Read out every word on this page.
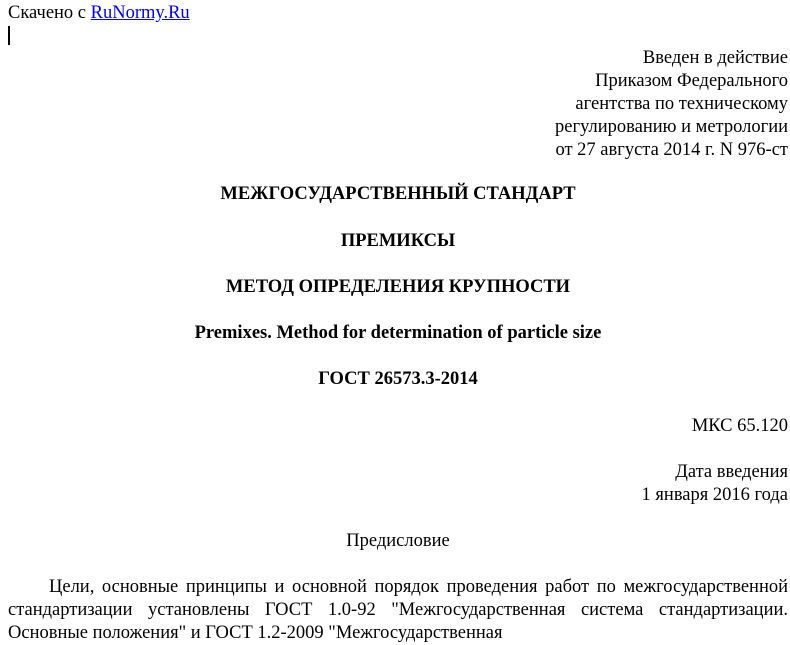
Скачено с RuNormy.Ru

Введен в действие
Приказом Федерального
агентства по техническому
регулированию и метрологии
от 27 августа 2014 г. N 976-ст
МЕЖГОСУДАРСТВЕННЫЙ СТАНДАРТ
ПРЕМИКСЫ
МЕТОД ОПРЕДЕЛЕНИЯ КРУПНОСТИ
Premixes. Method for determination of particle size
ГОСТ 26573.3-2014
МКС 65.120
Дата введения
1 января 2016 года
Предисловие

Цели, основные принципы и основной порядок проведения работ по межгосударственной стандартизации установлены ГОСТ 1.0-92 "Межгосударственная система стандартизации. Основные положения" и ГОСТ 1.2-2009 "Межгосударственная
